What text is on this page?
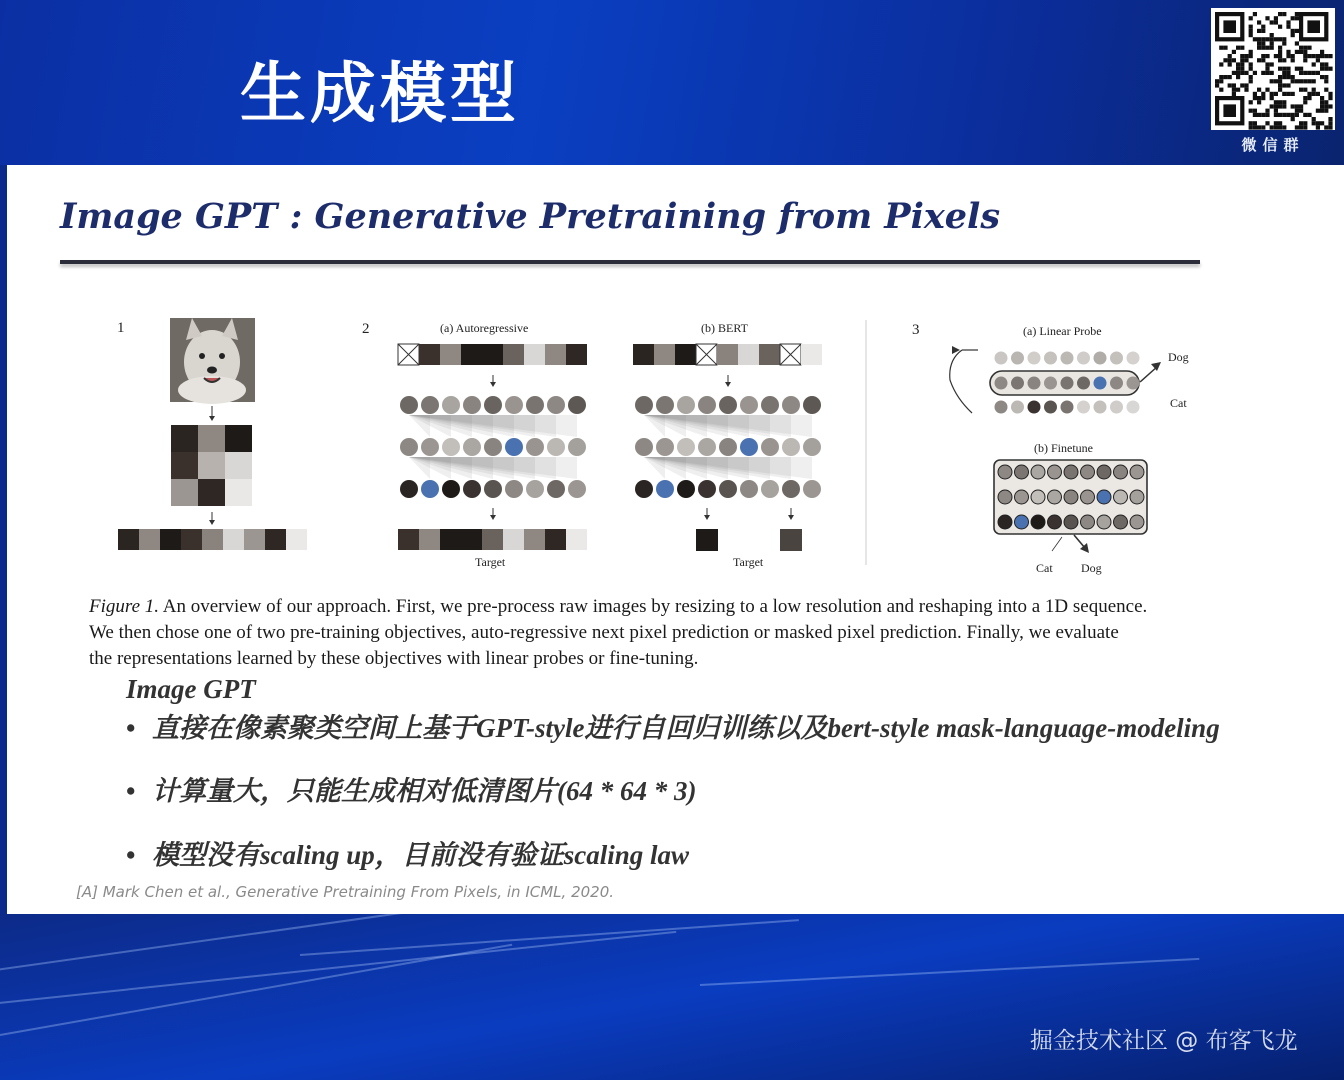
生成模型
微信群
Image GPT : Generative Pretraining from Pixels
1	2	3
(a) Autoregressive
Target
(b) BERT
Target
(a) Linear Probe
Dog
Cat
(b) Finetune
Cat Dog
Figure 1. An overview of our approach. First, we pre-process raw images by resizing to a low resolution and reshaping into a 1D sequence.
We then chose one of two pre-training objectives, auto-regressive next pixel prediction or masked pixel prediction. Finally, we evaluate
the representations learned by these objectives with linear probes or fine-tuning.
Image GPT
• 直接在像素聚类空间上基于GPT-style进行自回归训练以及bert-style mask-language-modeling
• 计算量大，只能生成相对低清图片(64 * 64 * 3)
• 模型没有scaling up，目前没有验证scaling law
[A] Mark Chen et al., Generative Pretraining From Pixels, in ICML, 2020.
掘金技术社区 @ 布客飞龙
